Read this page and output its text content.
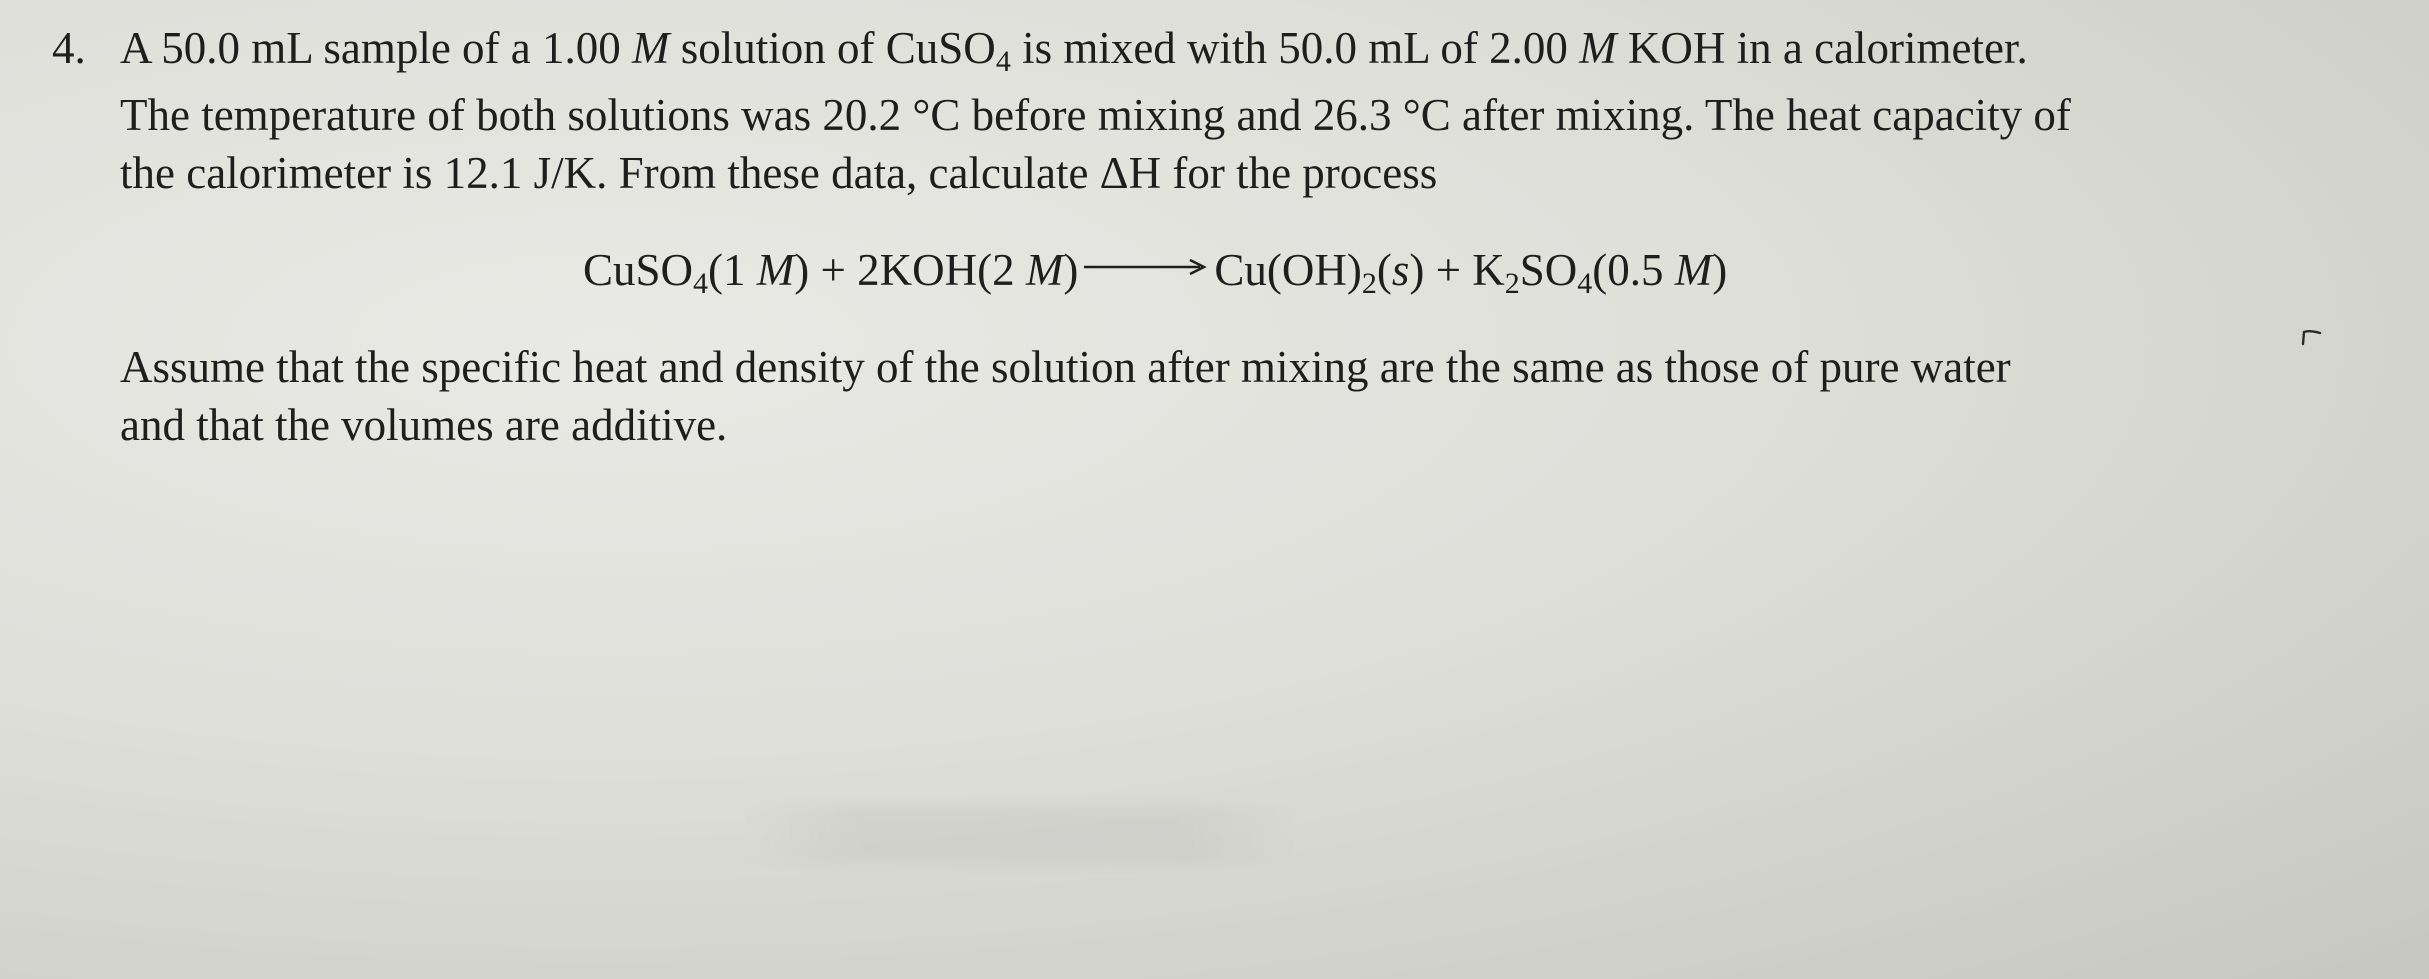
4. A 50.0 mL sample of a 1.00 M solution of CuSO$_4$ is mixed with 50.0 mL of 2.00 M KOH in a calorimeter.
The temperature of both solutions was 20.2 °C before mixing and 26.3 °C after mixing. The heat capacity of
the calorimeter is 12.1 J/K. From these data, calculate ΔH for the process
CuSO$_4$(1 M) + 2KOH(2 M)	$Cu(OH)_2(s) + K_2SO_4(0.5$ M)
Assume that the specific heat and density of the solution after mixing are the same as those of pure water
and that the volumes are additive.
